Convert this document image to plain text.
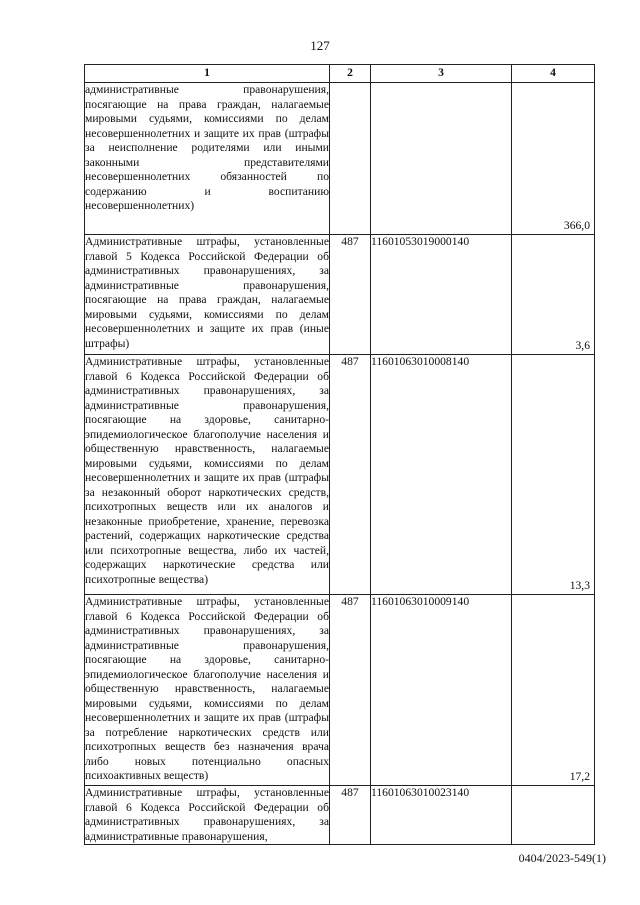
127
1	2	3	4
административные правонарушения, посягающие на права граждан, налагаемые мировыми судьями, комиссиями по делам несовершеннолетних и защите их прав (штрафы за неисполнение родителями или иными законными представителями несовершеннолетних обязанностей по содержанию и воспитанию несовершеннолетних)			366,0

Административные штрафы, установленные главой 5 Кодекса Российской Федерации об административных правонарушениях, за административные правонарушения, посягающие на права граждан, налагаемые мировыми судьями, комиссиями по делам несовершеннолетних и защите их прав (иные штрафы)	487	11601053019000140	3,6

Административные штрафы, установленные главой 6 Кодекса Российской Федерации об административных правонарушениях, за административные правонарушения, посягающие на здоровье, санитарно-эпидемиологическое благополучие населения и общественную нравственность, налагаемые мировыми судьями, комиссиями по делам несовершеннолетних и защите их прав (штрафы за незаконный оборот наркотических средств, психотропных веществ или их аналогов и незаконные приобретение, хранение, перевозка растений, содержащих наркотические средства или психотропные вещества, либо их частей, содержащих наркотические средства или психотропные вещества)	487	11601063010008140	13,3

Административные штрафы, установленные главой 6 Кодекса Российской Федерации об административных правонарушениях, за административные правонарушения, посягающие на здоровье, санитарно-эпидемиологическое благополучие населения и общественную нравственность, налагаемые мировыми судьями, комиссиями по делам несовершеннолетних и защите их прав (штрафы за потребление наркотических средств или психотропных веществ без назначения врача либо новых потенциально опасных психоактивных веществ)	487	11601063010009140	17,2

Административные штрафы, установленные главой 6 Кодекса Российской Федерации об административных правонарушениях, за административные правонарушения,	487	11601063010023140	
0404/2023-549(1)
